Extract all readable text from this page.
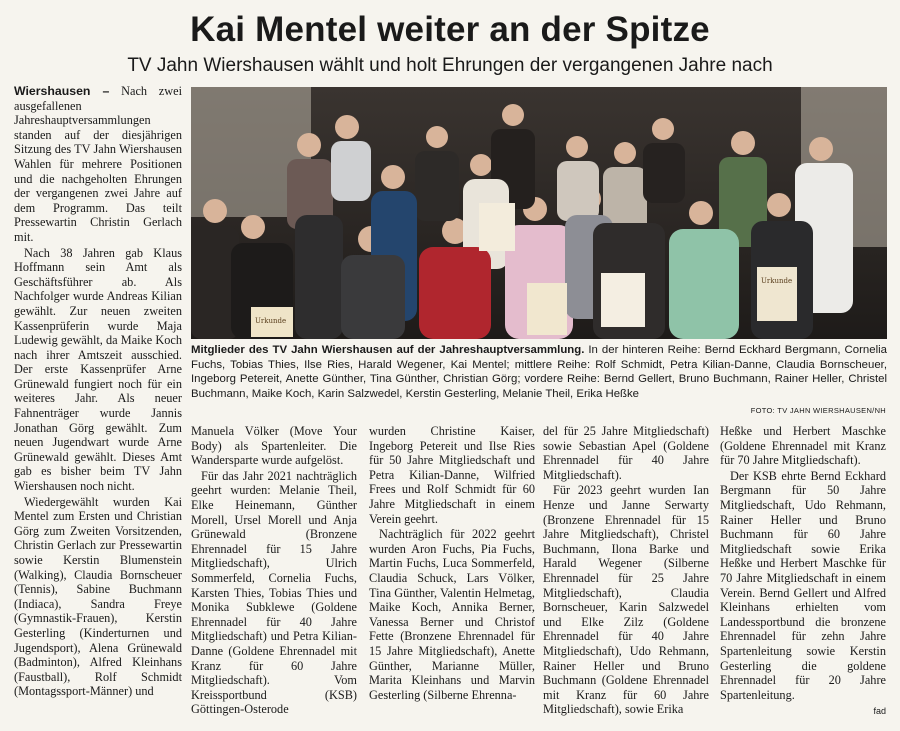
Kai Mentel weiter an der Spitze
TV Jahn Wiershausen wählt und holt Ehrungen der vergangenen Jahre nach

Wiershausen – Nach zwei ausgefallenen Jahreshauptversammlungen standen auf der diesjährigen Sitzung des TV Jahn Wiershausen Wahlen für mehrere Positionen und die nachgeholten Ehrungen der vergangenen zwei Jahre auf dem Programm. Das teilt Pressewartin Christin Gerlach mit.

Nach 38 Jahren gab Klaus Hoffmann sein Amt als Geschäftsführer ab. Als Nachfolger wurde Andreas Kilian gewählt. Zur neuen zweiten Kassenprüferin wurde Maja Ludewig gewählt, da Maike Koch nach ihrer Amtszeit ausschied. Der erste Kassenprüfer Arne Grünewald fungiert noch für ein weiteres Jahr. Als neuer Fahnenträger wurde Jannis Jonathan Görg gewählt. Zum neuen Jugendwart wurde Arne Grünewald gewählt. Dieses Amt gab es bisher beim TV Jahn Wiershausen noch nicht.

Wiedergewählt wurden Kai Mentel zum Ersten und Christian Görg zum Zweiten Vorsitzenden, Christin Gerlach zur Pressewartin sowie Kerstin Blumenstein (Walking), Claudia Bornscheuer (Tennis), Sabine Buchmann (Indiaca), Sandra Freye (Gymnastik-Frauen), Kerstin Gesterling (Kinderturnen und Jugendsport), Alena Grünewald (Badminton), Alfred Kleinhans (Faustball), Rolf Schmidt (Montagssport-Männer) und

Urkunde
Urkunde
Mitglieder des TV Jahn Wiershausen auf der Jahreshauptversammlung. In der hinteren Reihe: Bernd Eckhard Bergmann, Cornelia Fuchs, Tobias Thies, Ilse Ries, Harald Wegener, Kai Mentel; mittlere Reihe: Rolf Schmidt, Petra Kilian-Danne, Claudia Bornscheuer, Ingeborg Petereit, Anette Günther, Tina Günther, Christian Görg; vordere Reihe: Bernd Gellert, Bruno Buchmann, Rainer Heller, Christel Buchmann, Maike Koch, Karin Salzwedel, Kerstin Gesterling, Melanie Theil, Erika Heßke
FOTO: TV JAHN WIERSHAUSEN/NH

Manuela Völker (Move Your Body) als Spartenleiter. Die Wandersparte wurde aufgelöst.

Für das Jahr 2021 nachträglich geehrt wurden: Melanie Theil, Elke Heinemann, Günther Morell, Ursel Morell und Anja Grünewald (Bronzene Ehrennadel für 15 Jahre Mitgliedschaft), Ulrich Sommerfeld, Cornelia Fuchs, Karsten Thies, Tobias Thies und Monika Subklewe (Goldene Ehrennadel für 40 Jahre Mitgliedschaft) und Petra Kilian-Danne (Goldene Ehrennadel mit Kranz für 60 Jahre Mitgliedschaft). Vom Kreissportbund (KSB) Göttingen-Osterode

wurden Christine Kaiser, Ingeborg Petereit und Ilse Ries für 50 Jahre Mitgliedschaft und Petra Kilian-Danne, Wilfried Frees und Rolf Schmidt für 60 Jahre Mitgliedschaft in einem Verein geehrt.

Nachträglich für 2022 geehrt wurden Aron Fuchs, Pia Fuchs, Martin Fuchs, Luca Sommerfeld, Claudia Schuck, Lars Völker, Tina Günther, Valentin Helmetag, Maike Koch, Annika Berner, Vanessa Berner und Christof Fette (Bronzene Ehrennadel für 15 Jahre Mitgliedschaft), Anette Günther, Marianne Müller, Marita Kleinhans und Marvin Gesterling (Silberne Ehrenna-

del für 25 Jahre Mitgliedschaft) sowie Sebastian Apel (Goldene Ehrennadel für 40 Jahre Mitgliedschaft).

Für 2023 geehrt wurden Ian Henze und Janne Serwarty (Bronzene Ehrennadel für 15 Jahre Mitgliedschaft), Christel Buchmann, Ilona Barke und Harald Wegener (Silberne Ehrennadel für 25 Jahre Mitgliedschaft), Claudia Bornscheuer, Karin Salzwedel und Elke Zilz (Goldene Ehrennadel für 40 Jahre Mitgliedschaft), Udo Rehmann, Rainer Heller und Bruno Buchmann (Goldene Ehrennadel mit Kranz für 60 Jahre Mitgliedschaft), sowie Erika

Heßke und Herbert Maschke (Goldene Ehrennadel mit Kranz für 70 Jahre Mitgliedschaft).

Der KSB ehrte Bernd Eckhard Bergmann für 50 Jahre Mitgliedschaft, Udo Rehmann, Rainer Heller und Bruno Buchmann für 60 Jahre Mitgliedschaft sowie Erika Heßke und Herbert Maschke für 70 Jahre Mitgliedschaft in einem Verein. Bernd Gellert und Alfred Kleinhans erhielten vom Landessportbund die bronzene Ehrennadel für zehn Jahre Spartenleitung sowie Kerstin Gesterling die goldene Ehrennadel für 20 Jahre Spartenleitung.

fad
